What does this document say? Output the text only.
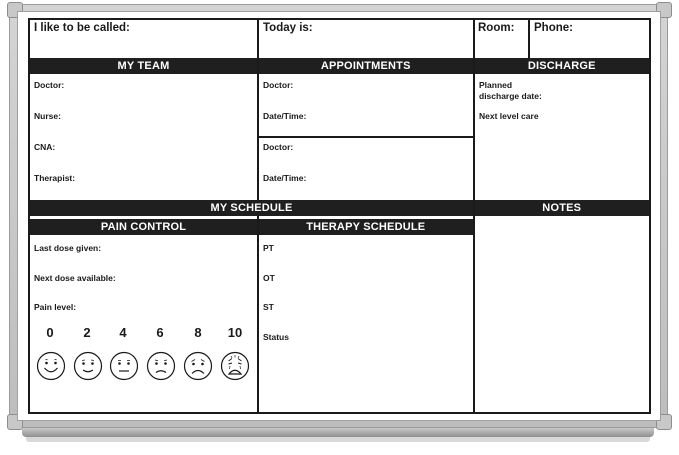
I like to be called:	Today is:	Room: Phone:
MY TEAM	APPOINTMENTS	DISCHARGE
Doctor:
Nurse:
CNA:
Therapist:
Doctor:
Date/Time:
Doctor:
Date/Time:
Planned
discharge date:
Next level care
MY SCHEDULE	NOTES
PAIN CONTROL	THERAPY SCHEDULE
Last dose given:
Next dose available:
Pain level:
0	2	4	6	8	10
PT
OT
ST
Status
